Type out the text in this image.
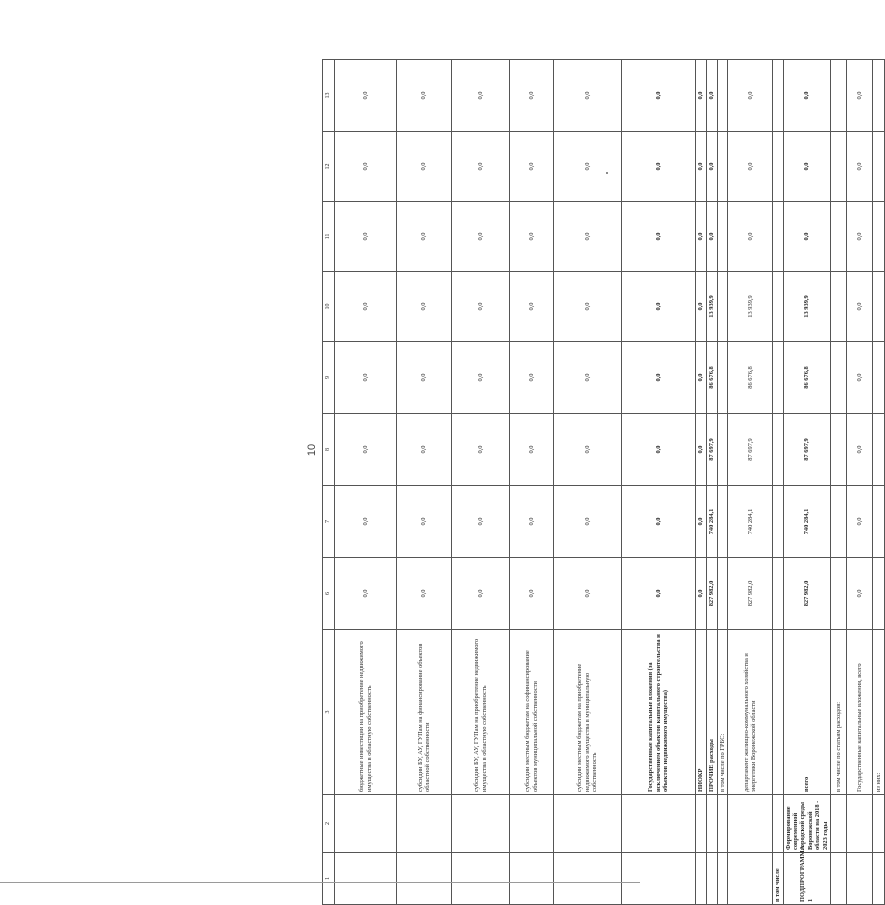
10
1	2	3	6	7	8	9	10	11	12	13
		бюджетные инвестиции на приобретение недвижимого имущества в областную собственность	0,0	0,0	0,0	0,0	0,0	0,0	0,0	0,0
		субсидии БУ, АУ, ГУПам на финансирование объектов областной собственности	0,0	0,0	0,0	0,0	0,0	0,0	0,0	0,0
		субсидии БУ, АУ, ГУПам на приобретение недвижимого имущества в областную собственность	0,0	0,0	0,0	0,0	0,0	0,0	0,0	0,0
		субсидии местным бюджетам на софинансирование объектов муниципальной собственности	0,0	0,0	0,0	0,0	0,0	0,0	0,0	0,0
		субсидии местным бюджетам на приобретение недвижимого имущества в муниципальную собственность	0,0	0,0	0,0	0,0	0,0	0,0	0,0	0,0
		Государственные капитальные вложения (за исключением объектов капитального строительства и объектов недвижимого имущества)	0,0	0,0	0,0	0,0	0,0	0,0	0,0	0,0
		НИОКР	0,0	0,0	0,0	0,0	0,0	0,0	0,0	0,0
		ПРОЧИЕ расходы	827 982,0	740 284,1	87 697,9	86 676,8	13 939,9	0,0	0,0	0,0
		в том числе по ГРБС:								
		департамент жилищно-коммунального хозяйства и энергетики Воронежской области	827 982,0	740 284,1	87 697,9	86 676,8	13 939,9	0,0	0,0	0,0
в том числе										
ПОДПРОГРАММА 1	Формирование современной городской среды Воронежской области на 2018 - 2023 годы	всего	827 982,0	740 284,1	87 697,9	86 676,8	13 939,9	0,0	0,0	0,0
		в том числе по статьям расходов:								
		Государственные капитальные вложения, всего	0,0	0,0	0,0	0,0	0,0	0,0	0,0	0,0
		из них:								
